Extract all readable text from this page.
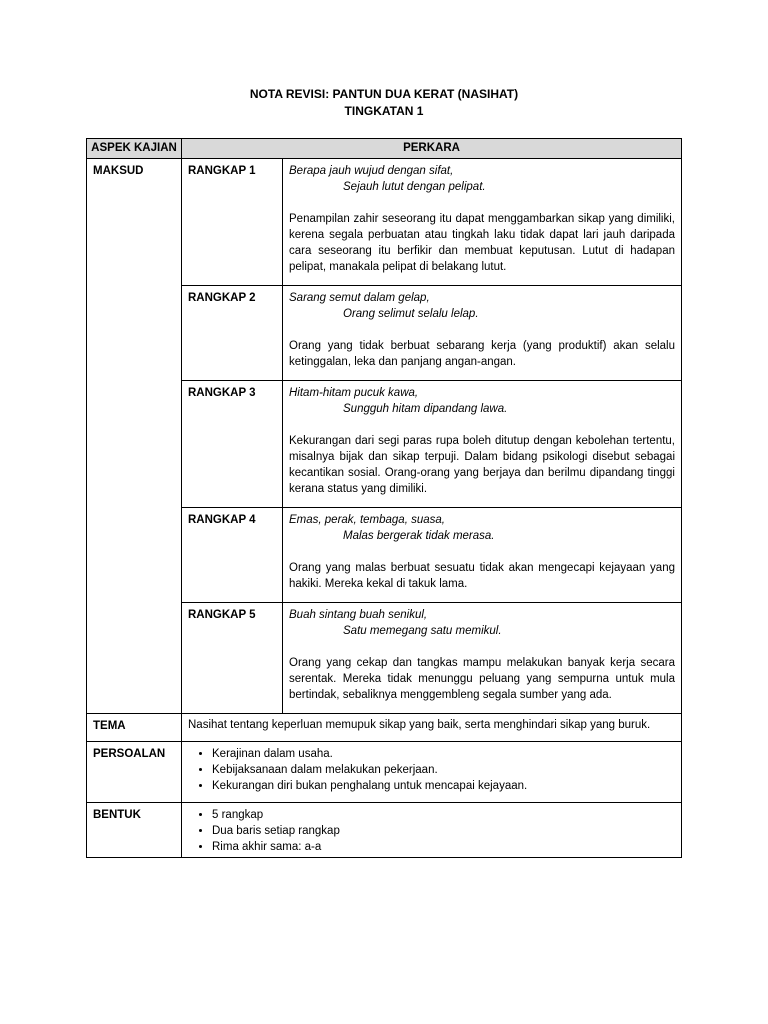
NOTA REVISI: PANTUN DUA KERAT (NASIHAT)
TINGKATAN 1
ASPEK KAJIAN	PERKARA
MAKSUD		RANGKAP 1	Berapa jauh wujud dengan sifat,
Sejauh lutut dengan pelipat.
Penampilan zahir seseorang itu dapat menggambarkan sikap yang dimiliki, kerena segala perbuatan atau tingkah laku tidak dapat lari jauh daripada cara seseorang itu berfikir dan membuat keputusan. Lutut di hadapan pelipat, manakala pelipat di belakang lutut.

RANGKAP 2	Sarang semut dalam gelap,
Orang selimut selalu lelap.
Orang yang tidak berbuat sebarang kerja (yang produktif) akan selalu ketinggalan, leka dan panjang angan-angan.

RANGKAP 3	Hitam-hitam pucuk kawa,
Sungguh hitam dipandang lawa.
Kekurangan dari segi paras rupa boleh ditutup dengan kebolehan tertentu, misalnya bijak dan sikap terpuji. Dalam bidang psikologi disebut sebagai kecantikan sosial. Orang-orang yang berjaya dan berilmu dipandang tinggi kerana status yang dimiliki.

RANGKAP 4	Emas, perak, tembaga, suasa,
Malas bergerak tidak merasa.
Orang yang malas berbuat sesuatu tidak akan mengecapi kejayaan yang hakiki. Mereka kekal di takuk lama.

RANGKAP 5	Buah sintang buah senikul,
Satu memegang satu memikul.
Orang yang cekap dan tangkas mampu melakukan banyak kerja secara serentak. Mereka tidak menunggu peluang yang sempurna untuk mula bertindak, sebaliknya menggembleng segala sumber yang ada.

TEMA	Nasihat tentang keperluan memupuk sikap yang baik, serta menghindari sikap yang buruk.
PERSOALAN	
•Kerajinan dalam usaha.
• Kebijaksanaan dalam melakukan pekerjaan.
• Kekurangan diri bukan penghalang untuk mencapai kejayaan.

BENTUK	
•5 rangkap
• Dua baris setiap rangkap
• Rima akhir sama: a-a
